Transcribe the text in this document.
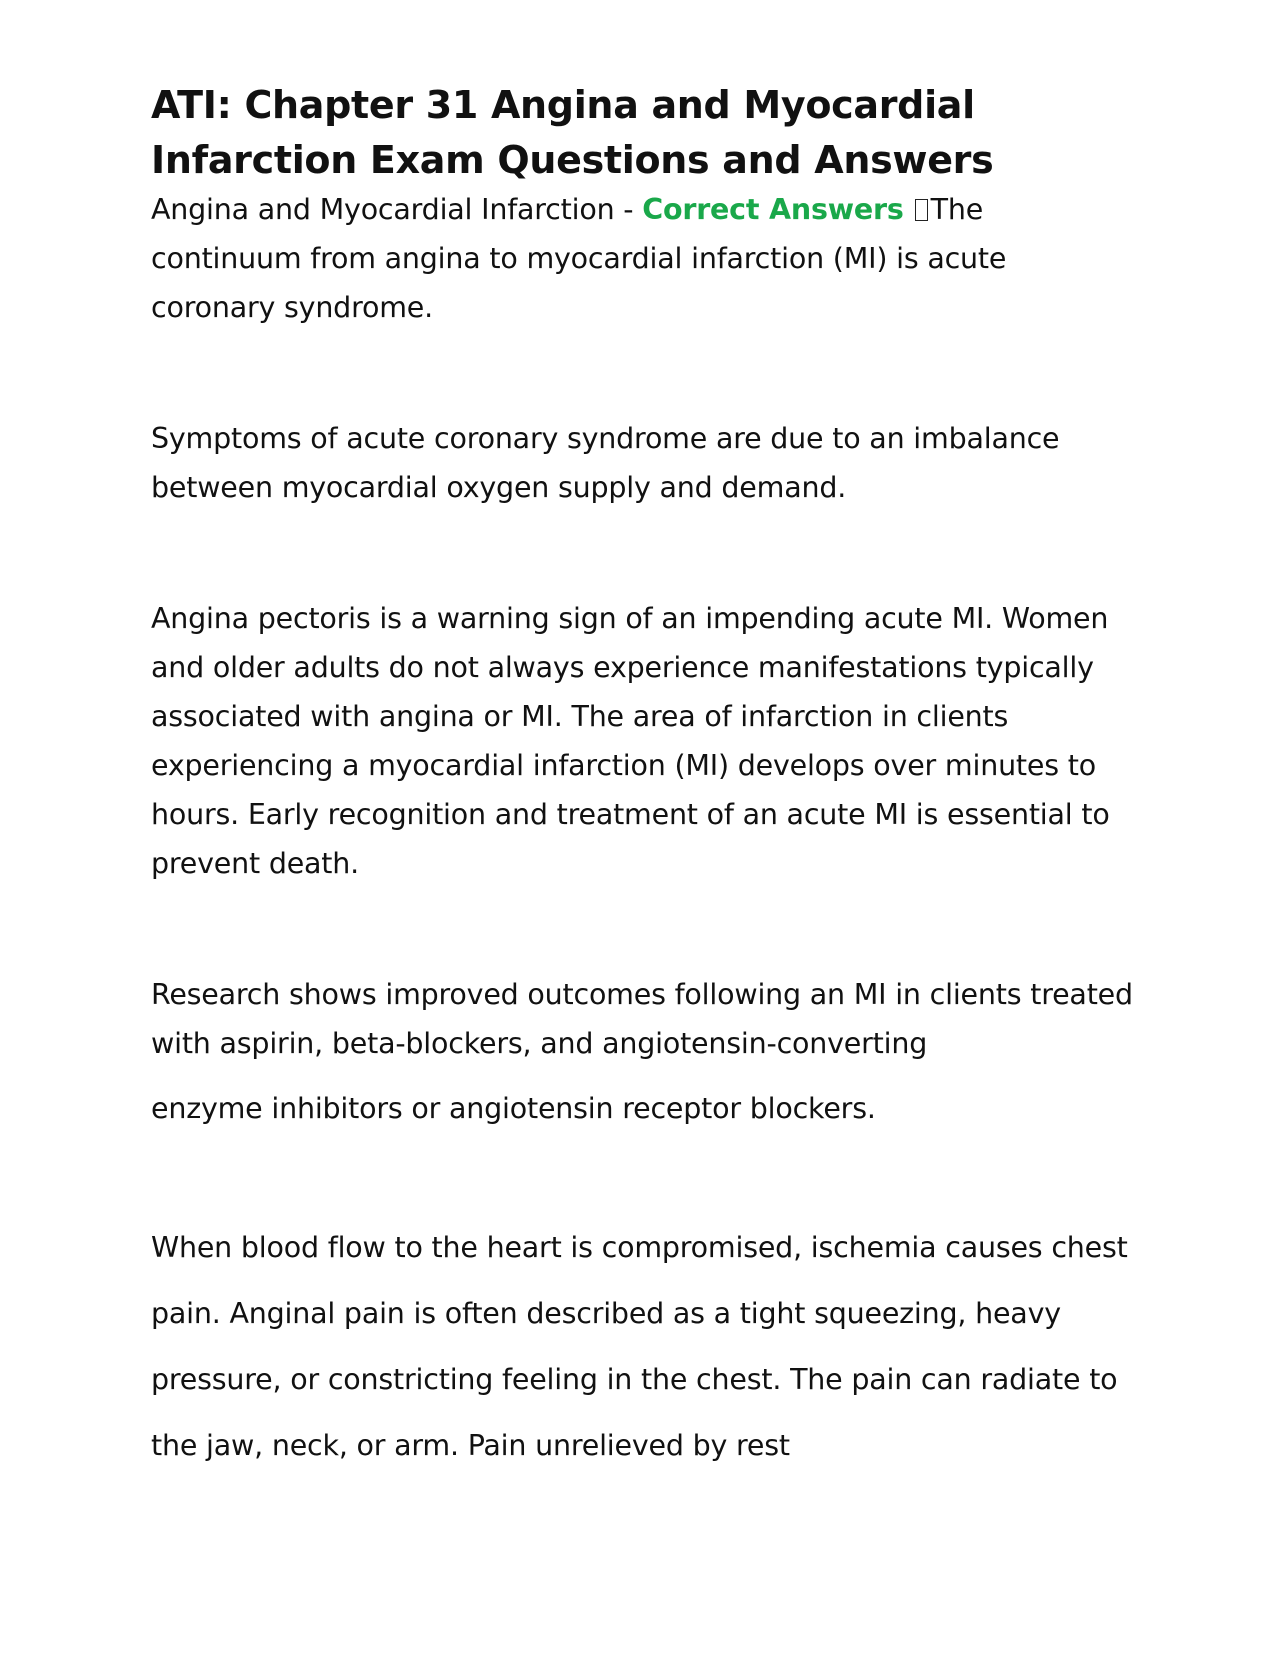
ATI: Chapter 31 Angina and Myocardial Infarction Exam Questions and Answers

Angina and Myocardial Infarction - Correct Answers The continuum from angina to myocardial infarction (MI) is acute coronary syndrome.

Symptoms of acute coronary syndrome are due to an imbalance between myocardial oxygen supply and demand.

Angina pectoris is a warning sign of an impending acute MI. Women and older adults do not always experience manifestations typically associated with angina or MI. The area of infarction in clients experiencing a myocardial infarction (MI) develops over minutes to hours. Early recognition and treatment of an acute MI is essential to prevent death.

Research shows improved outcomes following an MI in clients treated with aspirin, beta-blockers, and angiotensin-converting
enzyme inhibitors or angiotensin receptor blockers.

When blood flow to the heart is compromised, ischemia causes chest pain. Anginal pain is often described as a tight squeezing, heavy pressure, or constricting feeling in the chest. The pain can radiate to the jaw, neck, or arm. Pain unrelieved by rest
